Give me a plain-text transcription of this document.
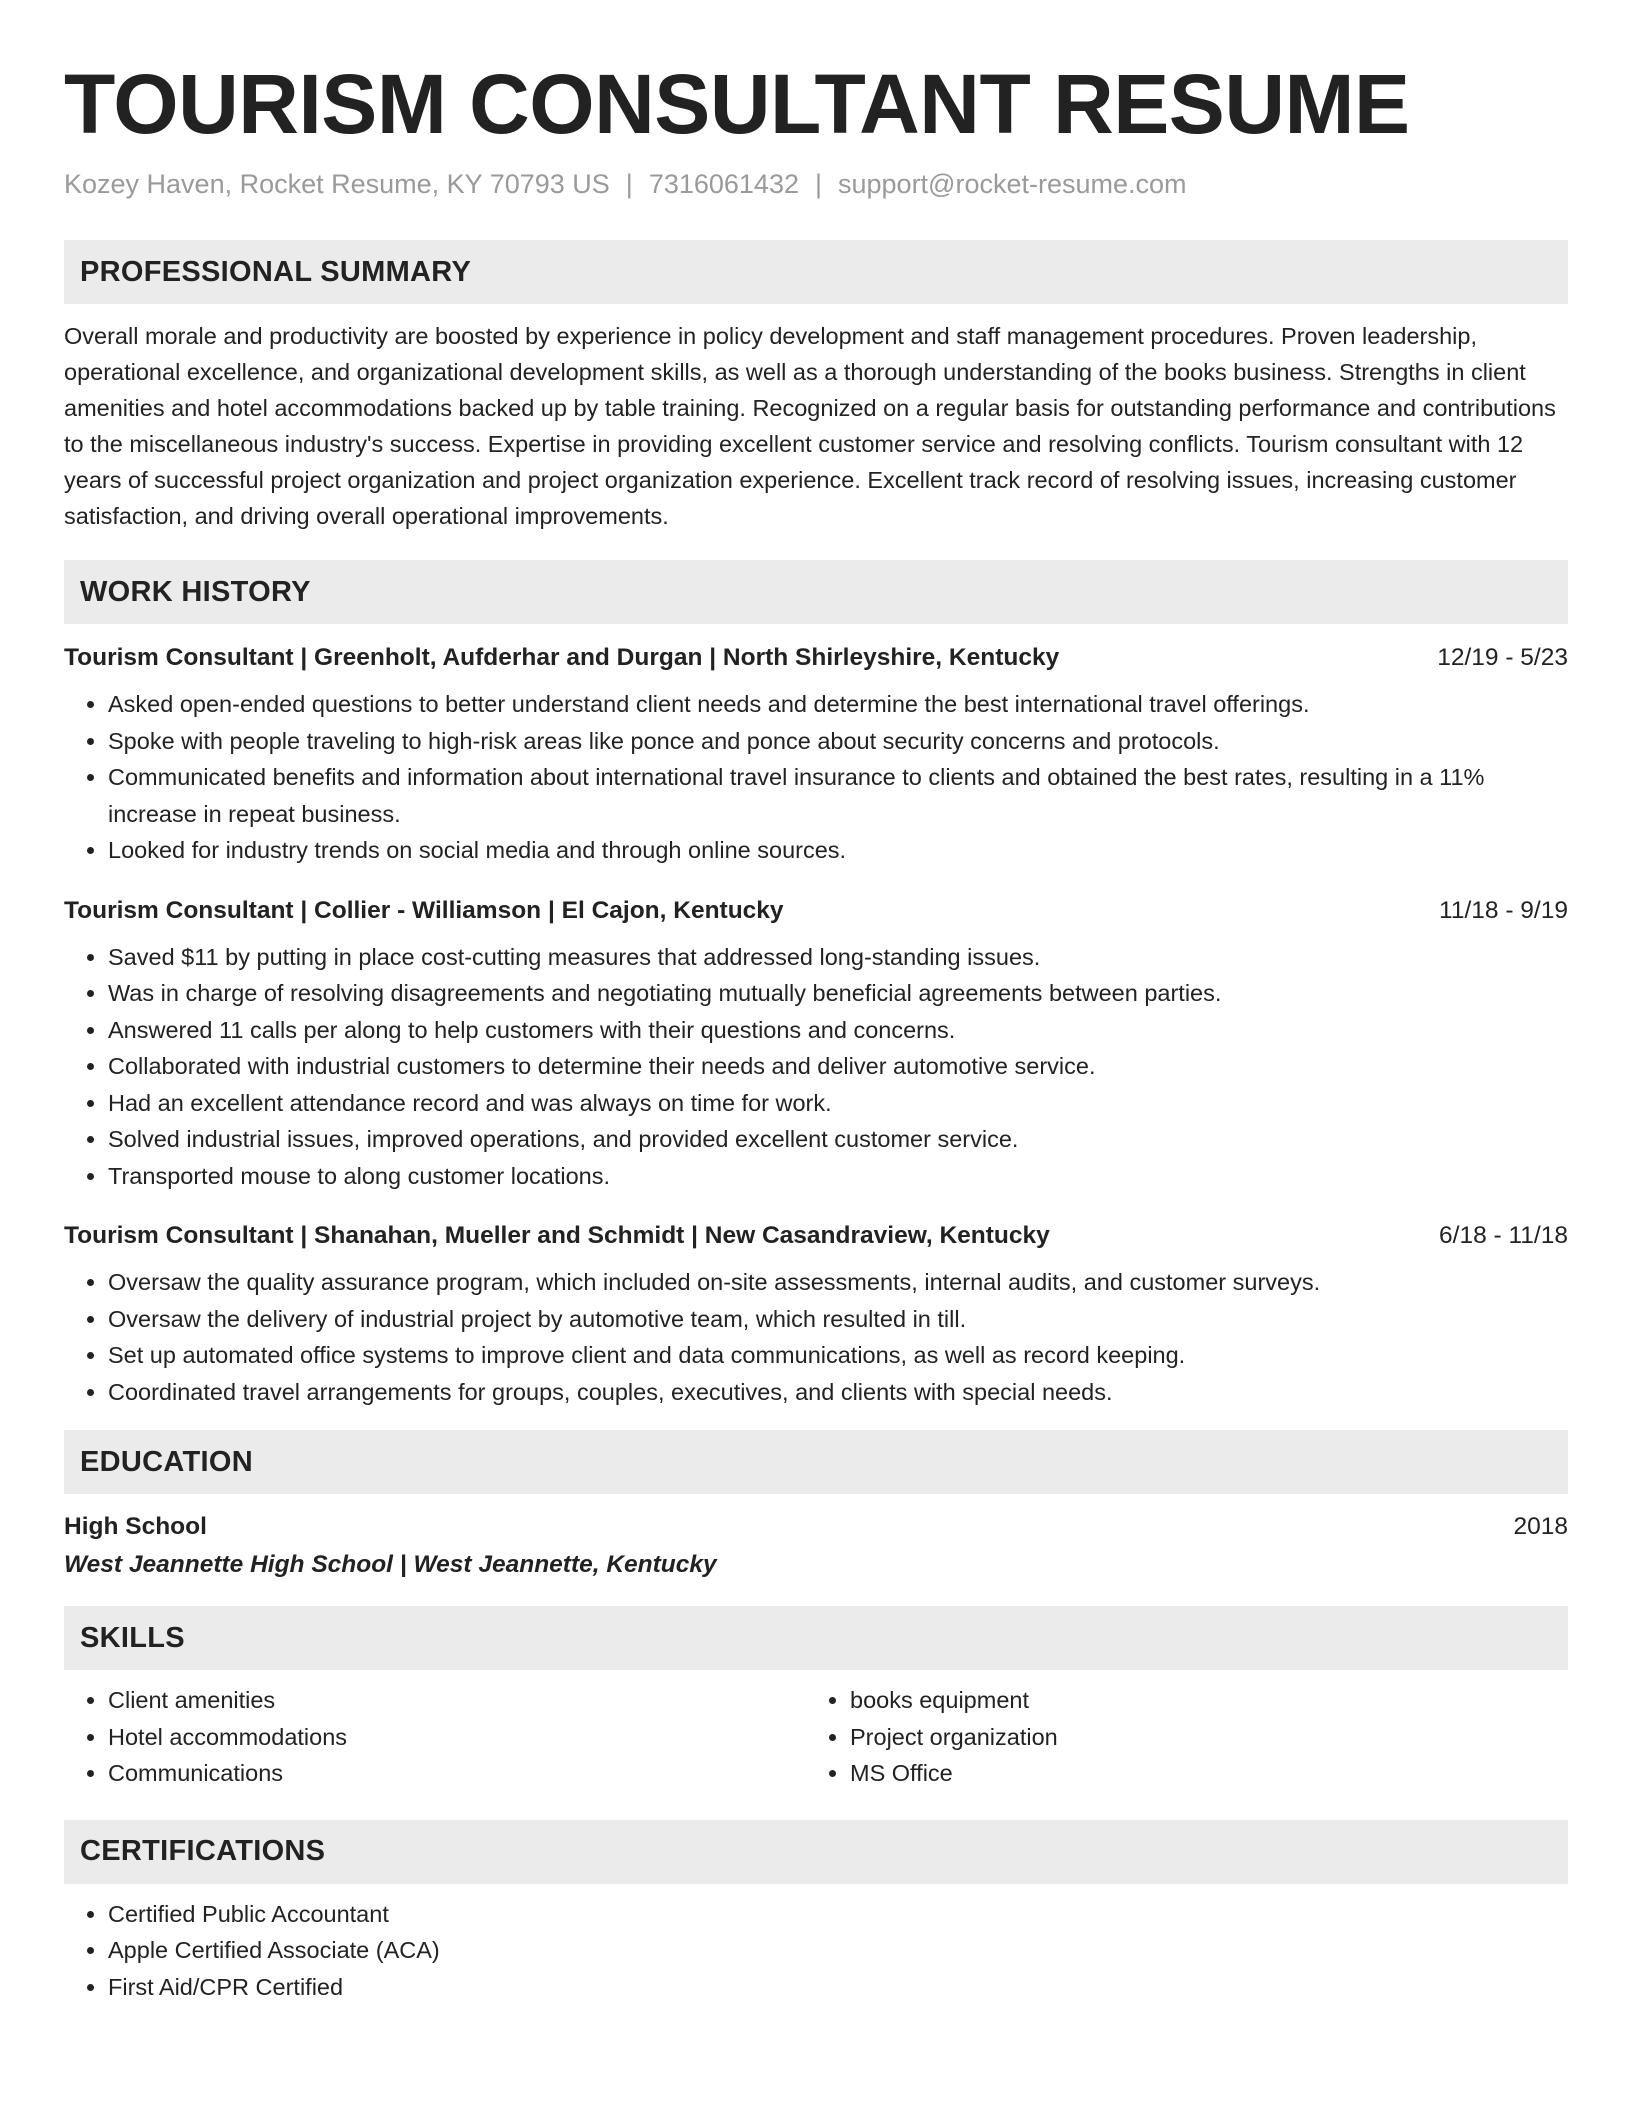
TOURISM CONSULTANT RESUME
Kozey Haven, Rocket Resume, KY 70793 US | 7316061432 | support@rocket-resume.com
PROFESSIONAL SUMMARY

Overall morale and productivity are boosted by experience in policy development and staff management procedures. Proven leadership, operational excellence, and organizational development skills, as well as a thorough understanding of the books business. Strengths in client amenities and hotel accommodations backed up by table training. Recognized on a regular basis for outstanding performance and contributions to the miscellaneous industry's success. Expertise in providing excellent customer service and resolving conflicts. Tourism consultant with 12 years of successful project organization and project organization experience. Excellent track record of resolving issues, increasing customer satisfaction, and driving overall operational improvements.

WORK HISTORY
Tourism Consultant | Greenholt, Aufderhar and Durgan | North Shirleyshire, Kentucky	12/19 - 5/23
• Asked open-ended questions to better understand client needs and determine the best international travel offerings.
• Spoke with people traveling to high-risk areas like ponce and ponce about security concerns and protocols.
• Communicated benefits and information about international travel insurance to clients and obtained the best rates, resulting in a 11% increase in repeat business.
• Looked for industry trends on social media and through online sources.
Tourism Consultant | Collier - Williamson | El Cajon, Kentucky	11/18 - 9/19
• Saved $11 by putting in place cost-cutting measures that addressed long-standing issues.
• Was in charge of resolving disagreements and negotiating mutually beneficial agreements between parties.
• Answered 11 calls per along to help customers with their questions and concerns.
• Collaborated with industrial customers to determine their needs and deliver automotive service.
• Had an excellent attendance record and was always on time for work.
• Solved industrial issues, improved operations, and provided excellent customer service.
• Transported mouse to along customer locations.
Tourism Consultant | Shanahan, Mueller and Schmidt | New Casandraview, Kentucky	6/18 - 11/18
• Oversaw the quality assurance program, which included on-site assessments, internal audits, and customer surveys.
• Oversaw the delivery of industrial project by automotive team, which resulted in till.
• Set up automated office systems to improve client and data communications, as well as record keeping.
• Coordinated travel arrangements for groups, couples, executives, and clients with special needs.
EDUCATION
High School	2018
West Jeannette High School | West Jeannette, Kentucky
SKILLS
• Client amenities
• Hotel accommodations
• Communications
• books equipment
• Project organization
• MS Office
CERTIFICATIONS
• Certified Public Accountant
• Apple Certified Associate (ACA)
• First Aid/CPR Certified
